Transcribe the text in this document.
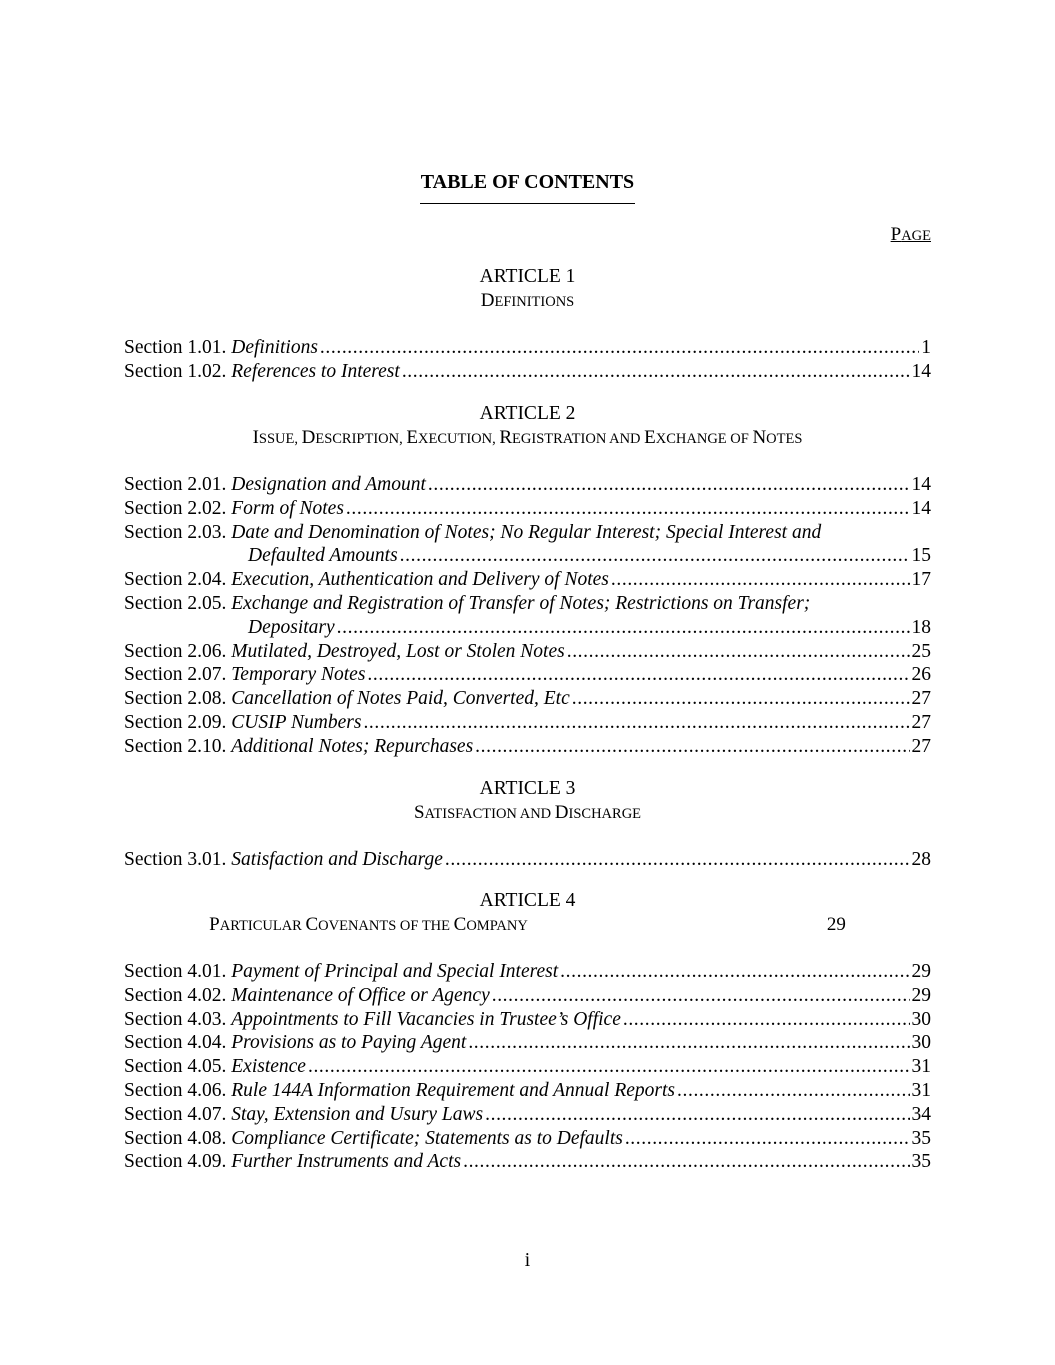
TABLE OF CONTENTS
PAGE
ARTICLE 1
DEFINITIONS
Section 1.01. Definitions .....	1
Section 1.02. References to Interest .....	14
ARTICLE 2
ISSUE, DESCRIPTION, EXECUTION, REGISTRATION AND EXCHANGE OF NOTES
Section 2.01. Designation and Amount .....	14
Section 2.02. Form of Notes .....	14
Section 2.03. Date and Denomination of Notes; No Regular Interest; Special Interest and
Defaulted Amounts .....	15
Section 2.04. Execution, Authentication and Delivery of Notes .....	17
Section 2.05. Exchange and Registration of Transfer of Notes; Restrictions on Transfer;
Depositary .....	18
Section 2.06. Mutilated, Destroyed, Lost or Stolen Notes .....	25
Section 2.07. Temporary Notes .....	26
Section 2.08. Cancellation of Notes Paid, Converted, Etc .....	27
Section 2.09. CUSIP Numbers .....	27
Section 2.10. Additional Notes; Repurchases .....	27
ARTICLE 3
SATISFACTION AND DISCHARGE
Section 3.01. Satisfaction and Discharge .....	28
ARTICLE 4
PARTICULAR COVENANTS OF THE COMPANY	29
Section 4.01. Payment of Principal and Special Interest .....	29
Section 4.02. Maintenance of Office or Agency .....	29
Section 4.03. Appointments to Fill Vacancies in Trustee’s Office .....	30
Section 4.04. Provisions as to Paying Agent .....	30
Section 4.05. Existence .....	31
Section 4.06. Rule 144A Information Requirement and Annual Reports .....	31
Section 4.07. Stay, Extension and Usury Laws .....	34
Section 4.08. Compliance Certificate; Statements as to Defaults .....	35
Section 4.09. Further Instruments and Acts .....	35
i
